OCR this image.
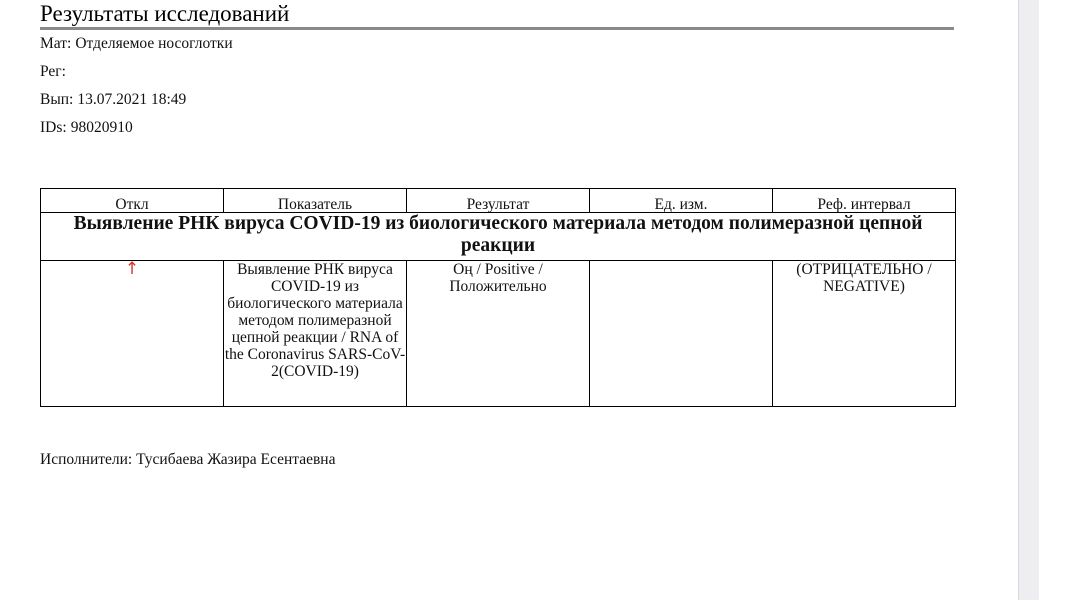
Результаты исследований
Мат: Отделяемое носоглотки
Рег:
Вып: 13.07.2021 18:49
IDs: 98020910
Откл	Показатель	Результат	Ед. изм.	Реф. интервал
Выявление РНК вируса COVID-19 из биологического материала методом полимеразной цепной реакции				
↑	Выявление РНК вируса COVID-19 из биологического материала методом полимеразной цепной реакции / RNA of the Coronavirus SARS-CoV-2(COVID-19)	Оң / Positive / Положительно		(ОТРИЦАТЕЛЬНО / NEGATIVE)
Исполнители: Тусибаева Жазира Есентаевна
